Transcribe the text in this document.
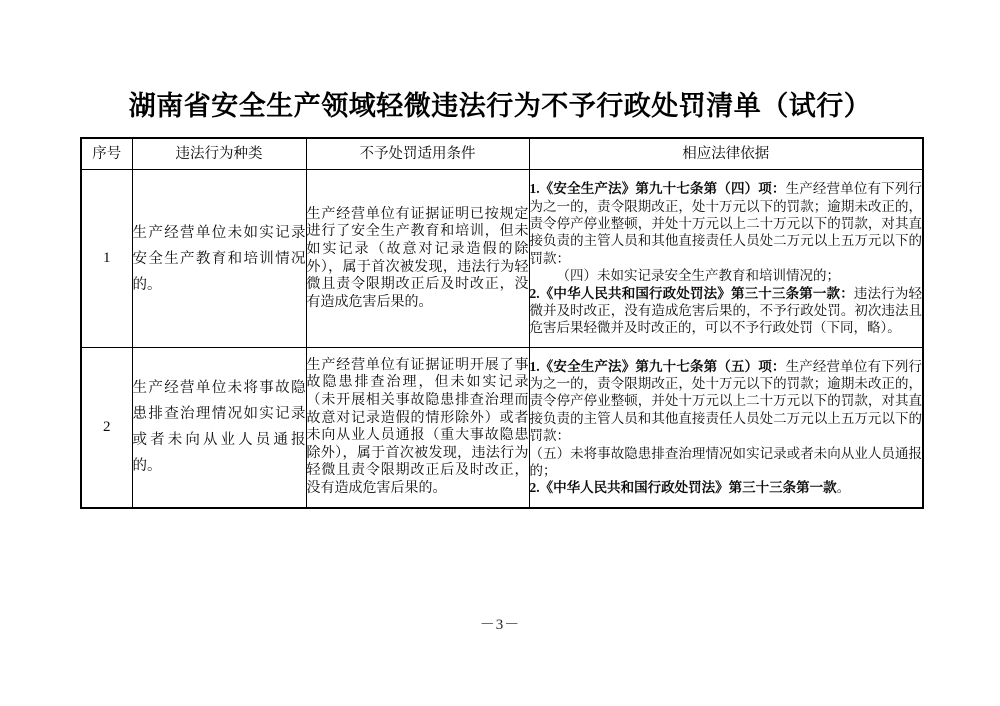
湖南省安全生产领域轻微违法行为不予行政处罚清单（试行）
序号	违法行为种类	不予处罚适用条件	相应法律依据
1	生产经营单位未如实记录安全生产教育和培训情况的。	生产经营单位有证据证明已按规定进行了安全生产教育和培训，但未如实记录（故意对记录造假的除外），属于首次被发现，违法行为轻微且责令限期改正后及时改正，没有造成危害后果的。	1.《安全生产法》第九十七条第（四）项：生产经营单位有下列行为之一的，责令限期改正，处十万元以下的罚款；逾期未改正的，责令停产停业整顿，并处十万元以上二十万元以下的罚款，对其直接负责的主管人员和其他直接责任人员处二万元以上五万元以下的罚款：

（四）未如实记录安全生产教育和培训情况的；

2.《中华人民共和国行政处罚法》第三十三条第一款：违法行为轻微并及时改正，没有造成危害后果的，不予行政处罚。初次违法且危害后果轻微并及时改正的，可以不予行政处罚（下同，略）。

2	生产经营单位未将事故隐患排查治理情况如实记录或者未向从业人员通报的。	生产经营单位有证据证明开展了事故隐患排查治理，但未如实记录（未开展相关事故隐患排查治理而故意对记录造假的情形除外）或者未向从业人员通报（重大事故隐患除外），属于首次被发现，违法行为轻微且责令限期改正后及时改正，没有造成危害后果的。	1.《安全生产法》第九十七条第（五）项：生产经营单位有下列行为之一的，责令限期改正，处十万元以下的罚款；逾期未改正的，责令停产停业整顿，并处十万元以上二十万元以下的罚款，对其直接负责的主管人员和其他直接责任人员处二万元以上五万元以下的罚款：

（五）未将事故隐患排查治理情况如实记录或者未向从业人员通报的；

2.《中华人民共和国行政处罚法》第三十三条第一款。

－3－
